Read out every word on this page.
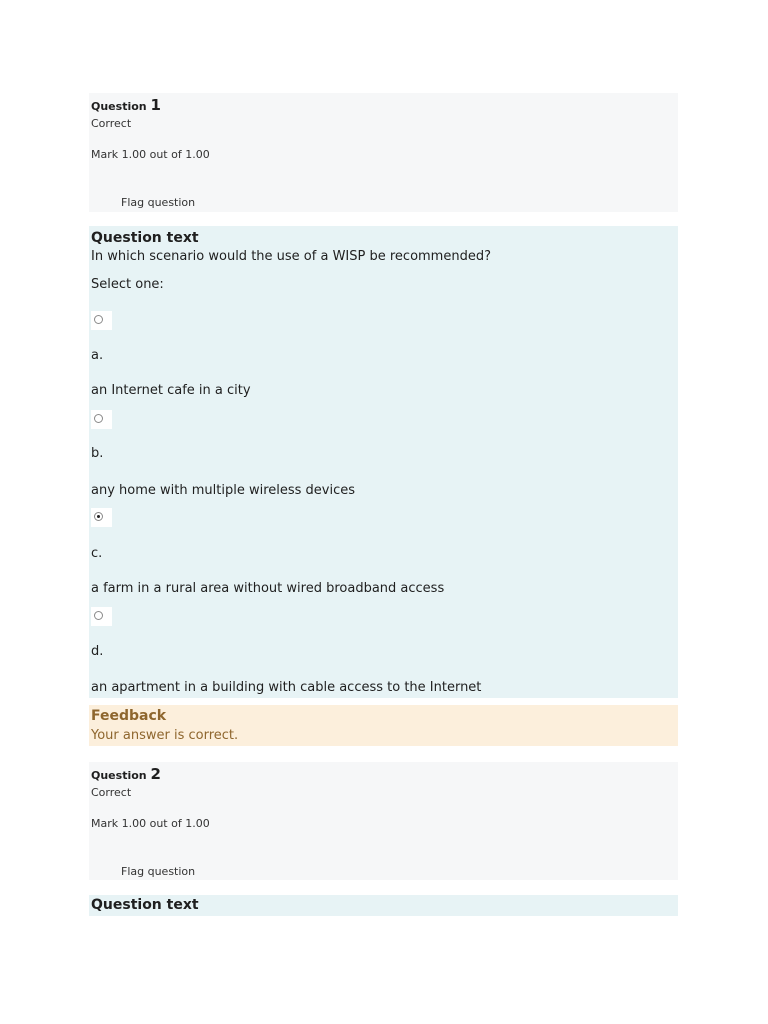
Question 1
Correct
Mark 1.00 out of 1.00
Flag question
Question text
In which scenario would the use of a WISP be recommended?
Select one:
a.
an Internet cafe in a city
b.
any home with multiple wireless devices
c.
a farm in a rural area without wired broadband access
d.
an apartment in a building with cable access to the Internet
Feedback
Your answer is correct.
Question 2
Correct
Mark 1.00 out of 1.00
Flag question
Question text
